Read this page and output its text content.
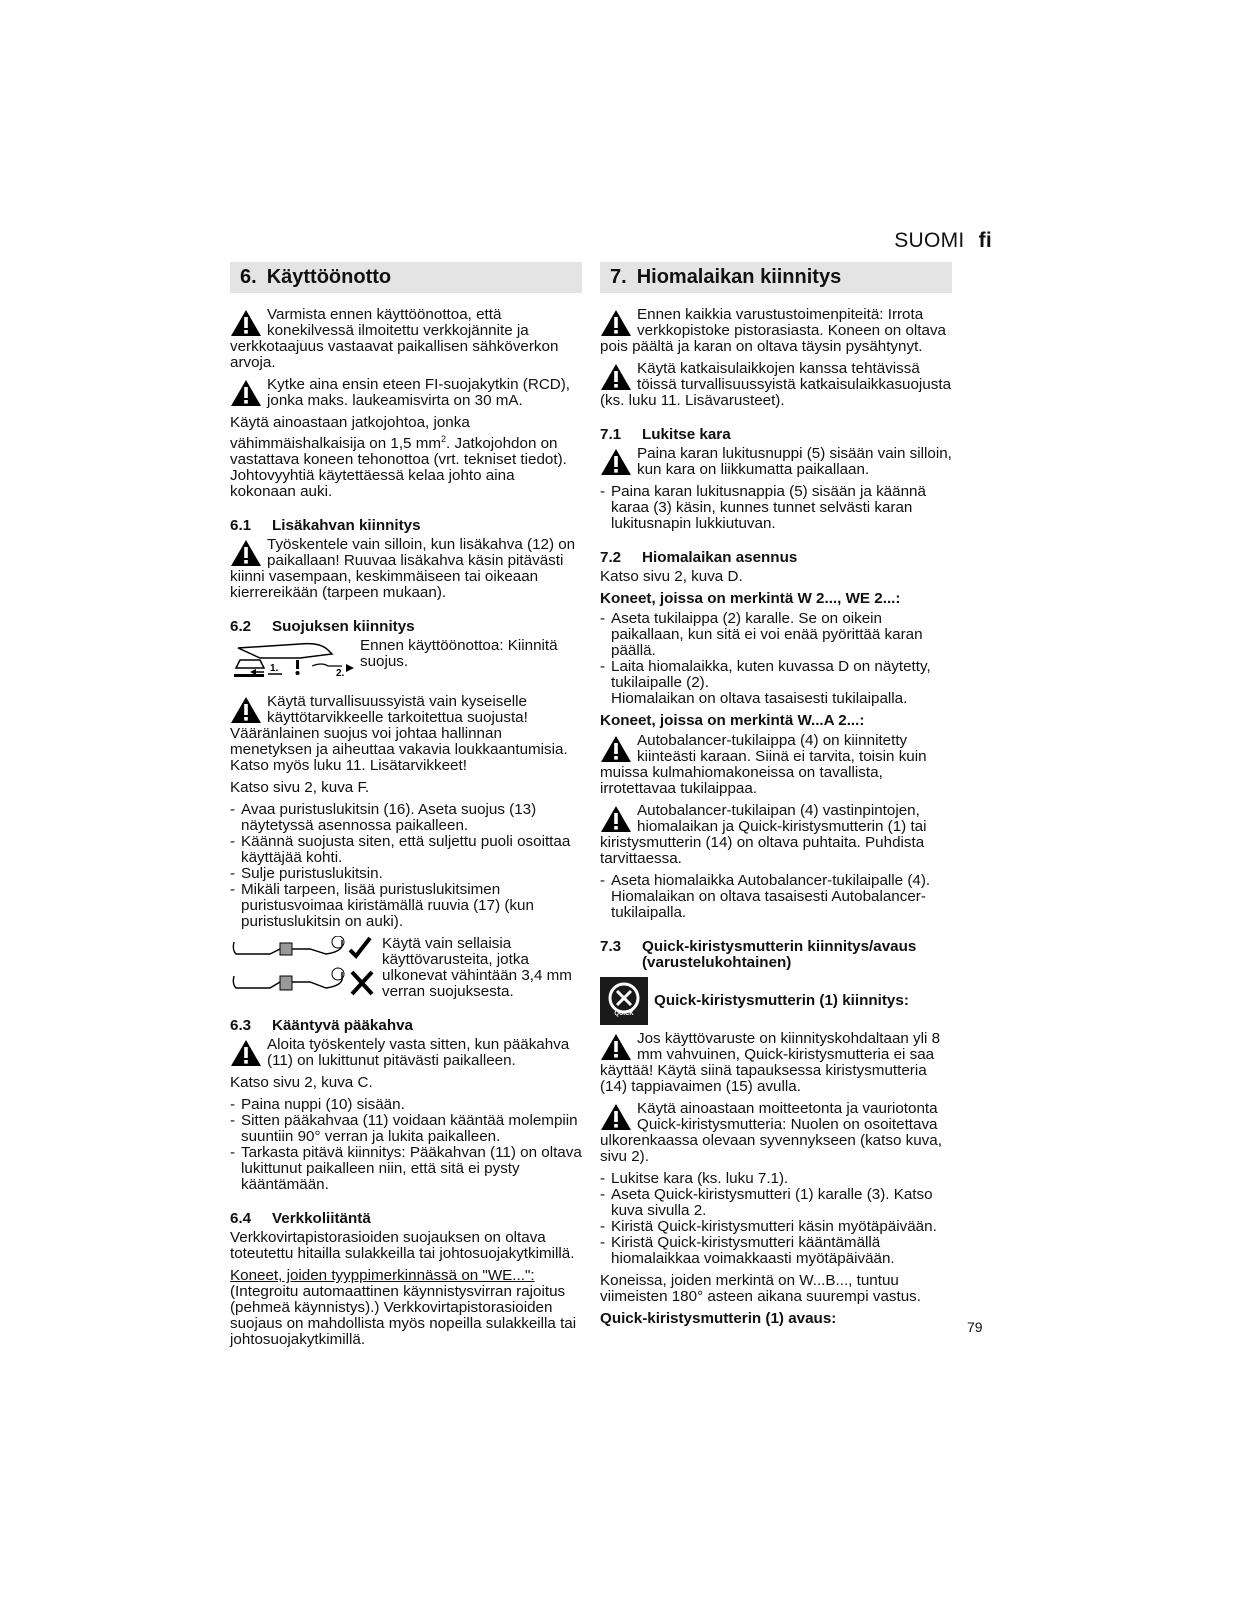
SUOMI fi
6. Käyttöönotto
Varmista ennen käyttöönottoa, että konekilvessä ilmoitettu verkkojännite ja verkkotaajuus vastaavat paikallisen sähköverkon arvoja.
Kytke aina ensin eteen FI-suojakytkin (RCD), jonka maks. laukeamisvirta on 30 mA.

Käytä ainoastaan jatkojohtoa, jonka vähimmäishalkaisija on 1,5 $mm^2$. Jatkojohdon on vastattava koneen tehonottoa (vrt. tekniset tiedot). Johtovyyhtiä käytettäessä kelaa johto aina kokonaan auki.

6.1 Lisäkahvan kiinnitys
Työskentele vain silloin, kun lisäkahva (12) on paikallaan! Ruuvaa lisäkahva käsin pitävästi kiinni vasempaan, keskimmäiseen tai oikeaan kierrereikään (tarpeen mukaan).
6.2 Suojuksen kiinnitys
1.	2.
Ennen käyttöönottoa: Kiinnitä suojus.
Käytä turvallisuussyistä vain kyseiselle käyttötarvikkeelle tarkoitettua suojusta! Vääränlainen suojus voi johtaa hallinnan menetyksen ja aiheuttaa vakavia loukkaantumisia. Katso myös luku 11. Lisätarvikkeet!

Katso sivu 2, kuva F.

- Avaa puristuslukitsin (16). Aseta suojus (13) näytetyssä asennossa paikalleen.
- Käännä suojusta siten, että suljettu puoli osoittaa käyttäjää kohti.
- Sulje puristuslukitsin.
- Mikäli tarpeen, lisää puristuslukitsimen puristusvoimaa kiristämällä ruuvia (17) (kun puristuslukitsin on auki).
Käytä vain sellaisia käyttövarusteita, jotka ulkonevat vähintään 3,4 mm verran suojuksesta.
6.3 Kääntyvä pääkahva
Aloita työskentely vasta sitten, kun pääkahva (11) on lukittunut pitävästi paikalleen.

Katso sivu 2, kuva C.

- Paina nuppi (10) sisään.
- Sitten pääkahvaa (11) voidaan kääntää molempiin suuntiin 90° verran ja lukita paikalleen.
- Tarkasta pitävä kiinnitys: Pääkahvan (11) on oltava lukittunut paikalleen niin, että sitä ei pysty kääntämään.
6.4 Verkkoliitäntä

Verkkovirtapistorasioiden suojauksen on oltava toteutettu hitailla sulakkeilla tai johtosuojakytkimillä.

Koneet, joiden tyyppimerkinnässä on "WE...": (Integroitu automaattinen käynnistysvirran rajoitus (pehmeä käynnistys).) Verkkovirtapistorasioiden suojaus on mahdollista myös nopeilla sulakkeilla tai johtosuojakytkimillä.

7. Hiomalaikan kiinnitys
Ennen kaikkia varustustoimenpiteitä: Irrota verkkopistoke pistorasiasta. Koneen on oltava pois päältä ja karan on oltava täysin pysähtynyt.
Käytä katkaisulaikkojen kanssa tehtävissä töissä turvallisuussyistä katkaisulaikkasuojusta (ks. luku 11. Lisävarusteet).
7.1 Lukitse kara
Paina karan lukitusnuppi (5) sisään vain silloin, kun kara on liikkumatta paikallaan.
- Paina karan lukitusnappia (5) sisään ja käännä karaa (3) käsin, kunnes tunnet selvästi karan lukitusnapin lukkiutuvan.
7.2 Hiomalaikan asennus

Katso sivu 2, kuva D.

Koneet, joissa on merkintä W 2..., WE 2...:
- Aseta tukilaippa (2) karalle. Se on oikein paikallaan, kun sitä ei voi enää pyörittää karan päällä.
- Laita hiomalaikka, kuten kuvassa D on näytetty, tukilaipalle (2).

Hiomalaikan on oltava tasaisesti tukilaipalla.

Koneet, joissa on merkintä W...A 2...:
Autobalancer-tukilaippa (4) on kiinnitetty kiinteästi karaan. Siinä ei tarvita, toisin kuin muissa kulmahiomakoneissa on tavallista, irrotettavaa tukilaippaa.
Autobalancer-tukilaipan (4) vastinpintojen, hiomalaikan ja Quick-kiristysmutterin (1) tai kiristysmutterin (14) on oltava puhtaita. Puhdista tarvittaessa.
- Aseta hiomalaikka Autobalancer-tukilaipalle (4). Hiomalaikan on oltava tasaisesti Autobalancer-tukilaipalla.
7.3	Quick-kiristysmutterin kiinnitys/avaus (varustelukohtainen)
QUICK
Quick-kiristysmutterin (1) kiinnitys:
Jos käyttövaruste on kiinnityskohdaltaan yli 8 mm vahvuinen, Quick-kiristysmutteria ei saa käyttää! Käytä siinä tapauksessa kiristysmutteria (14) tappiavaimen (15) avulla.
Käytä ainoastaan moitteetonta ja vauriotonta Quick-kiristysmutteria: Nuolen on osoitettava ulkorenkaassa olevaan syvennykseen (katso kuva, sivu 2).
- Lukitse kara (ks. luku 7.1).
- Aseta Quick-kiristysmutteri (1) karalle (3). Katso kuva sivulla 2.
- Kiristä Quick-kiristysmutteri käsin myötäpäivään.
- Kiristä Quick-kiristysmutteri kääntämällä hiomalaikkaa voimakkaasti myötäpäivään.

Koneissa, joiden merkintä on W...B..., tuntuu viimeisten 180° asteen aikana suurempi vastus.

Quick-kiristysmutterin (1) avaus:	79
